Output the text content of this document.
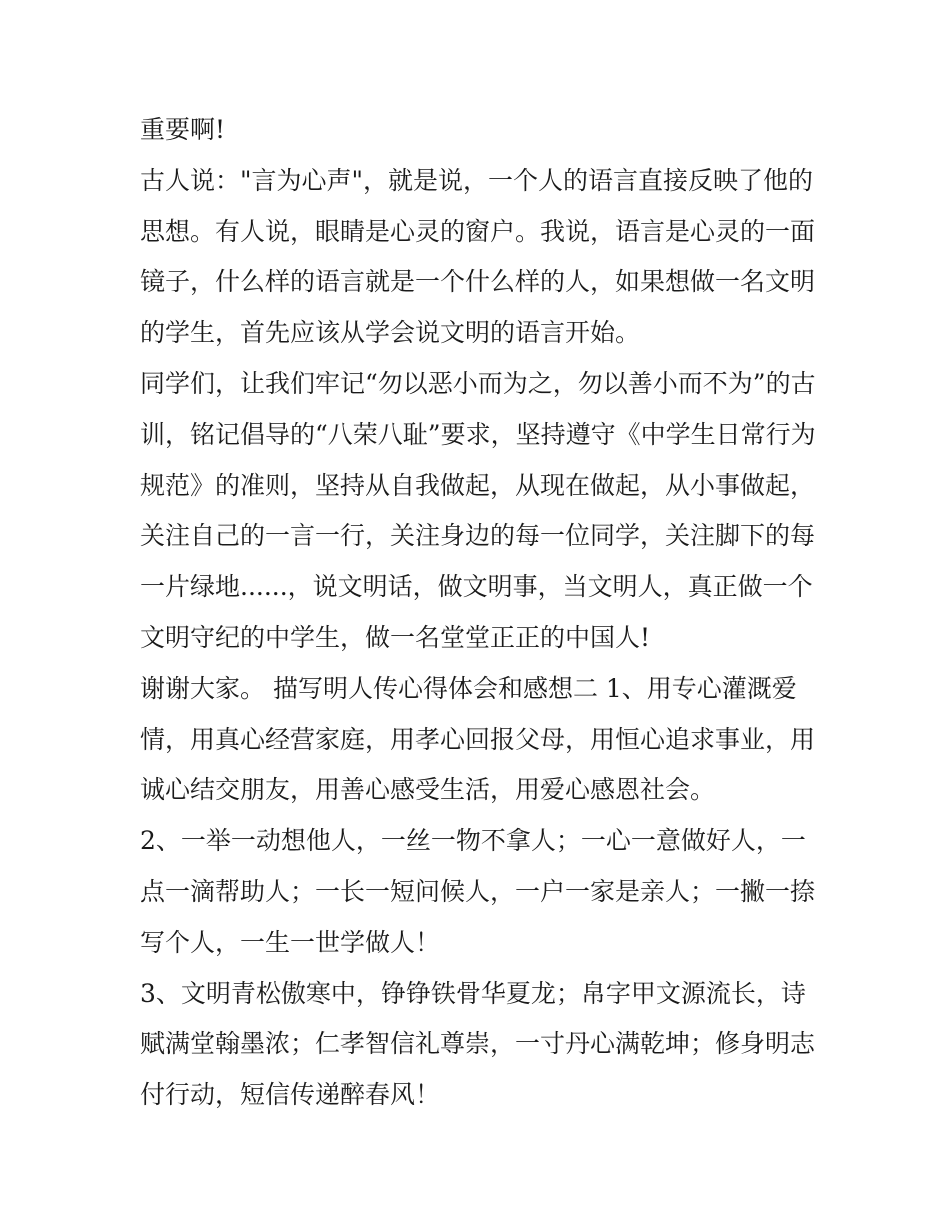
重要啊!
古人说："言为心声"，就是说，一个人的语言直接反映了他的
思想。有人说，眼睛是心灵的窗户。我说，语言是心灵的一面
镜子，什么样的语言就是一个什么样的人，如果想做一名文明
的学生，首先应该从学会说文明的语言开始。
同学们，让我们牢记“勿以恶小而为之，勿以善小而不为”的古
训，铭记倡导的“八荣八耻”要求，坚持遵守《中学生日常行为
规范》的准则，坚持从自我做起，从现在做起，从小事做起，
关注自己的一言一行，关注身边的每一位同学，关注脚下的每
一片绿地......，说文明话，做文明事，当文明人，真正做一个
文明守纪的中学生，做一名堂堂正正的中国人!
谢谢大家。 描写明人传心得体会和感想二 1、用专心灌溉爱
情，用真心经营家庭，用孝心回报父母，用恒心追求事业，用
诚心结交朋友，用善心感受生活，用爱心感恩社会。
2、一举一动想他人，一丝一物不拿人；一心一意做好人，一
点一滴帮助人；一长一短问候人，一户一家是亲人；一撇一捺
写个人，一生一世学做人！
3、文明青松傲寒中，铮铮铁骨华夏龙；帛字甲文源流长，诗
赋满堂翰墨浓；仁孝智信礼尊崇，一寸丹心满乾坤；修身明志
付行动，短信传递醉春风！
